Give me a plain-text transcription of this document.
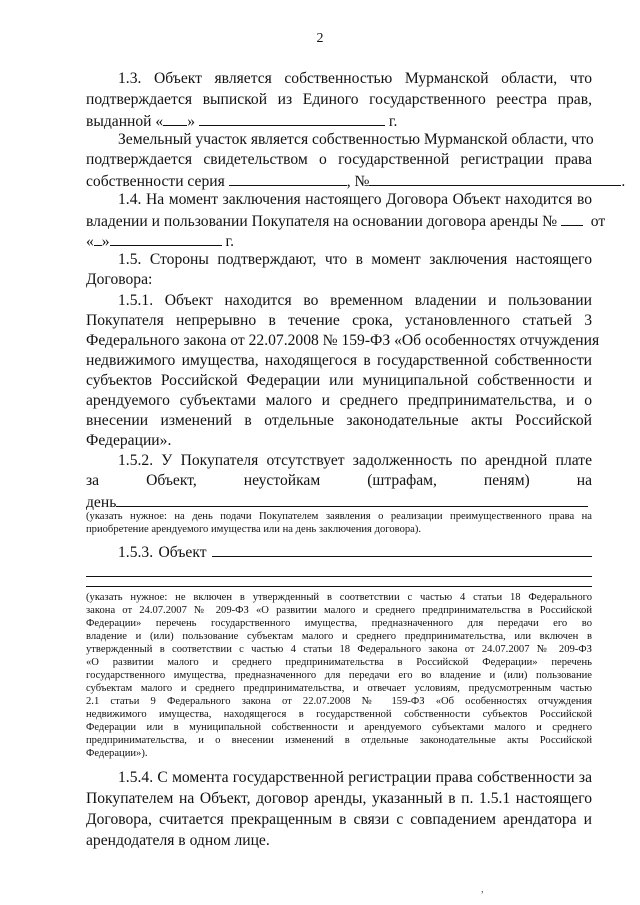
2
1.3. Объект является собственностью Мурманской области, что
подтверждается выпиской из Единого государственного реестра прав,
выданной « »	г.
Земельный участок является собственностью Мурманской области, что
подтверждается свидетельством о государственной регистрации права
собственности серия	, №	.
1.4. На момент заключения настоящего Договора Объект находится во
владении и пользовании Покупателя на основании договора аренды № от
« »	г.
1.5. Стороны подтверждают, что в момент заключения настоящего
Договора:
1.5.1. Объект находится во временном владении и пользовании
Покупателя непрерывно в течение срока, установленного статьей 3
Федерального закона от 22.07.2008 № 159-ФЗ «Об особенностях отчуждения
недвижимого имущества, находящегося в государственной собственности
субъектов Российской Федерации или муниципальной собственности и
арендуемого субъектами малого и среднего предпринимательства, и о
внесении изменений в отдельные законодательные акты Российской
Федерации».
1.5.2. У Покупателя отсутствует задолженность по арендной плате
за Объект, неустойкам (штрафам, пеням) на
день
(указать нужное: на день подачи Покупателем заявления о реализации преимущественного права на
приобретение арендуемого имущества или на день заключения договора).
1.5.3. Объект
(указать нужное: не включен в утвержденный в соответствии с частью 4 статьи 18 Федерального
закона от 24.07.2007 № 209-ФЗ «О развитии малого и среднего предпринимательства в Российской
Федерации» перечень государственного имущества, предназначенного для передачи его во
владение и (или) пользование субъектам малого и среднего предпринимательства, или включен в
утвержденный в соответствии с частью 4 статьи 18 Федерального закона от 24.07.2007 № 209-ФЗ
«О развитии малого и среднего предпринимательства в Российской Федерации» перечень
государственного имущества, предназначенного для передачи его во владение и (или) пользование
субъектам малого и среднего предпринимательства, и отвечает условиям, предусмотренным частью
2.1 статьи 9 Федерального закона от 22.07.2008 № 159-ФЗ «Об особенностях отчуждения
недвижимого имущества, находящегося в государственной собственности субъектов Российской
Федерации или в муниципальной собственности и арендуемого субъектами малого и среднего
предпринимательства, и о внесении изменений в отдельные законодательные акты Российской
Федерации»).
1.5.4. С момента государственной регистрации права собственности за
Покупателем на Объект, договор аренды, указанный в п. 1.5.1 настоящего
Договора, считается прекращенным в связи с совпадением арендатора и
арендодателя в одном лице.
,
